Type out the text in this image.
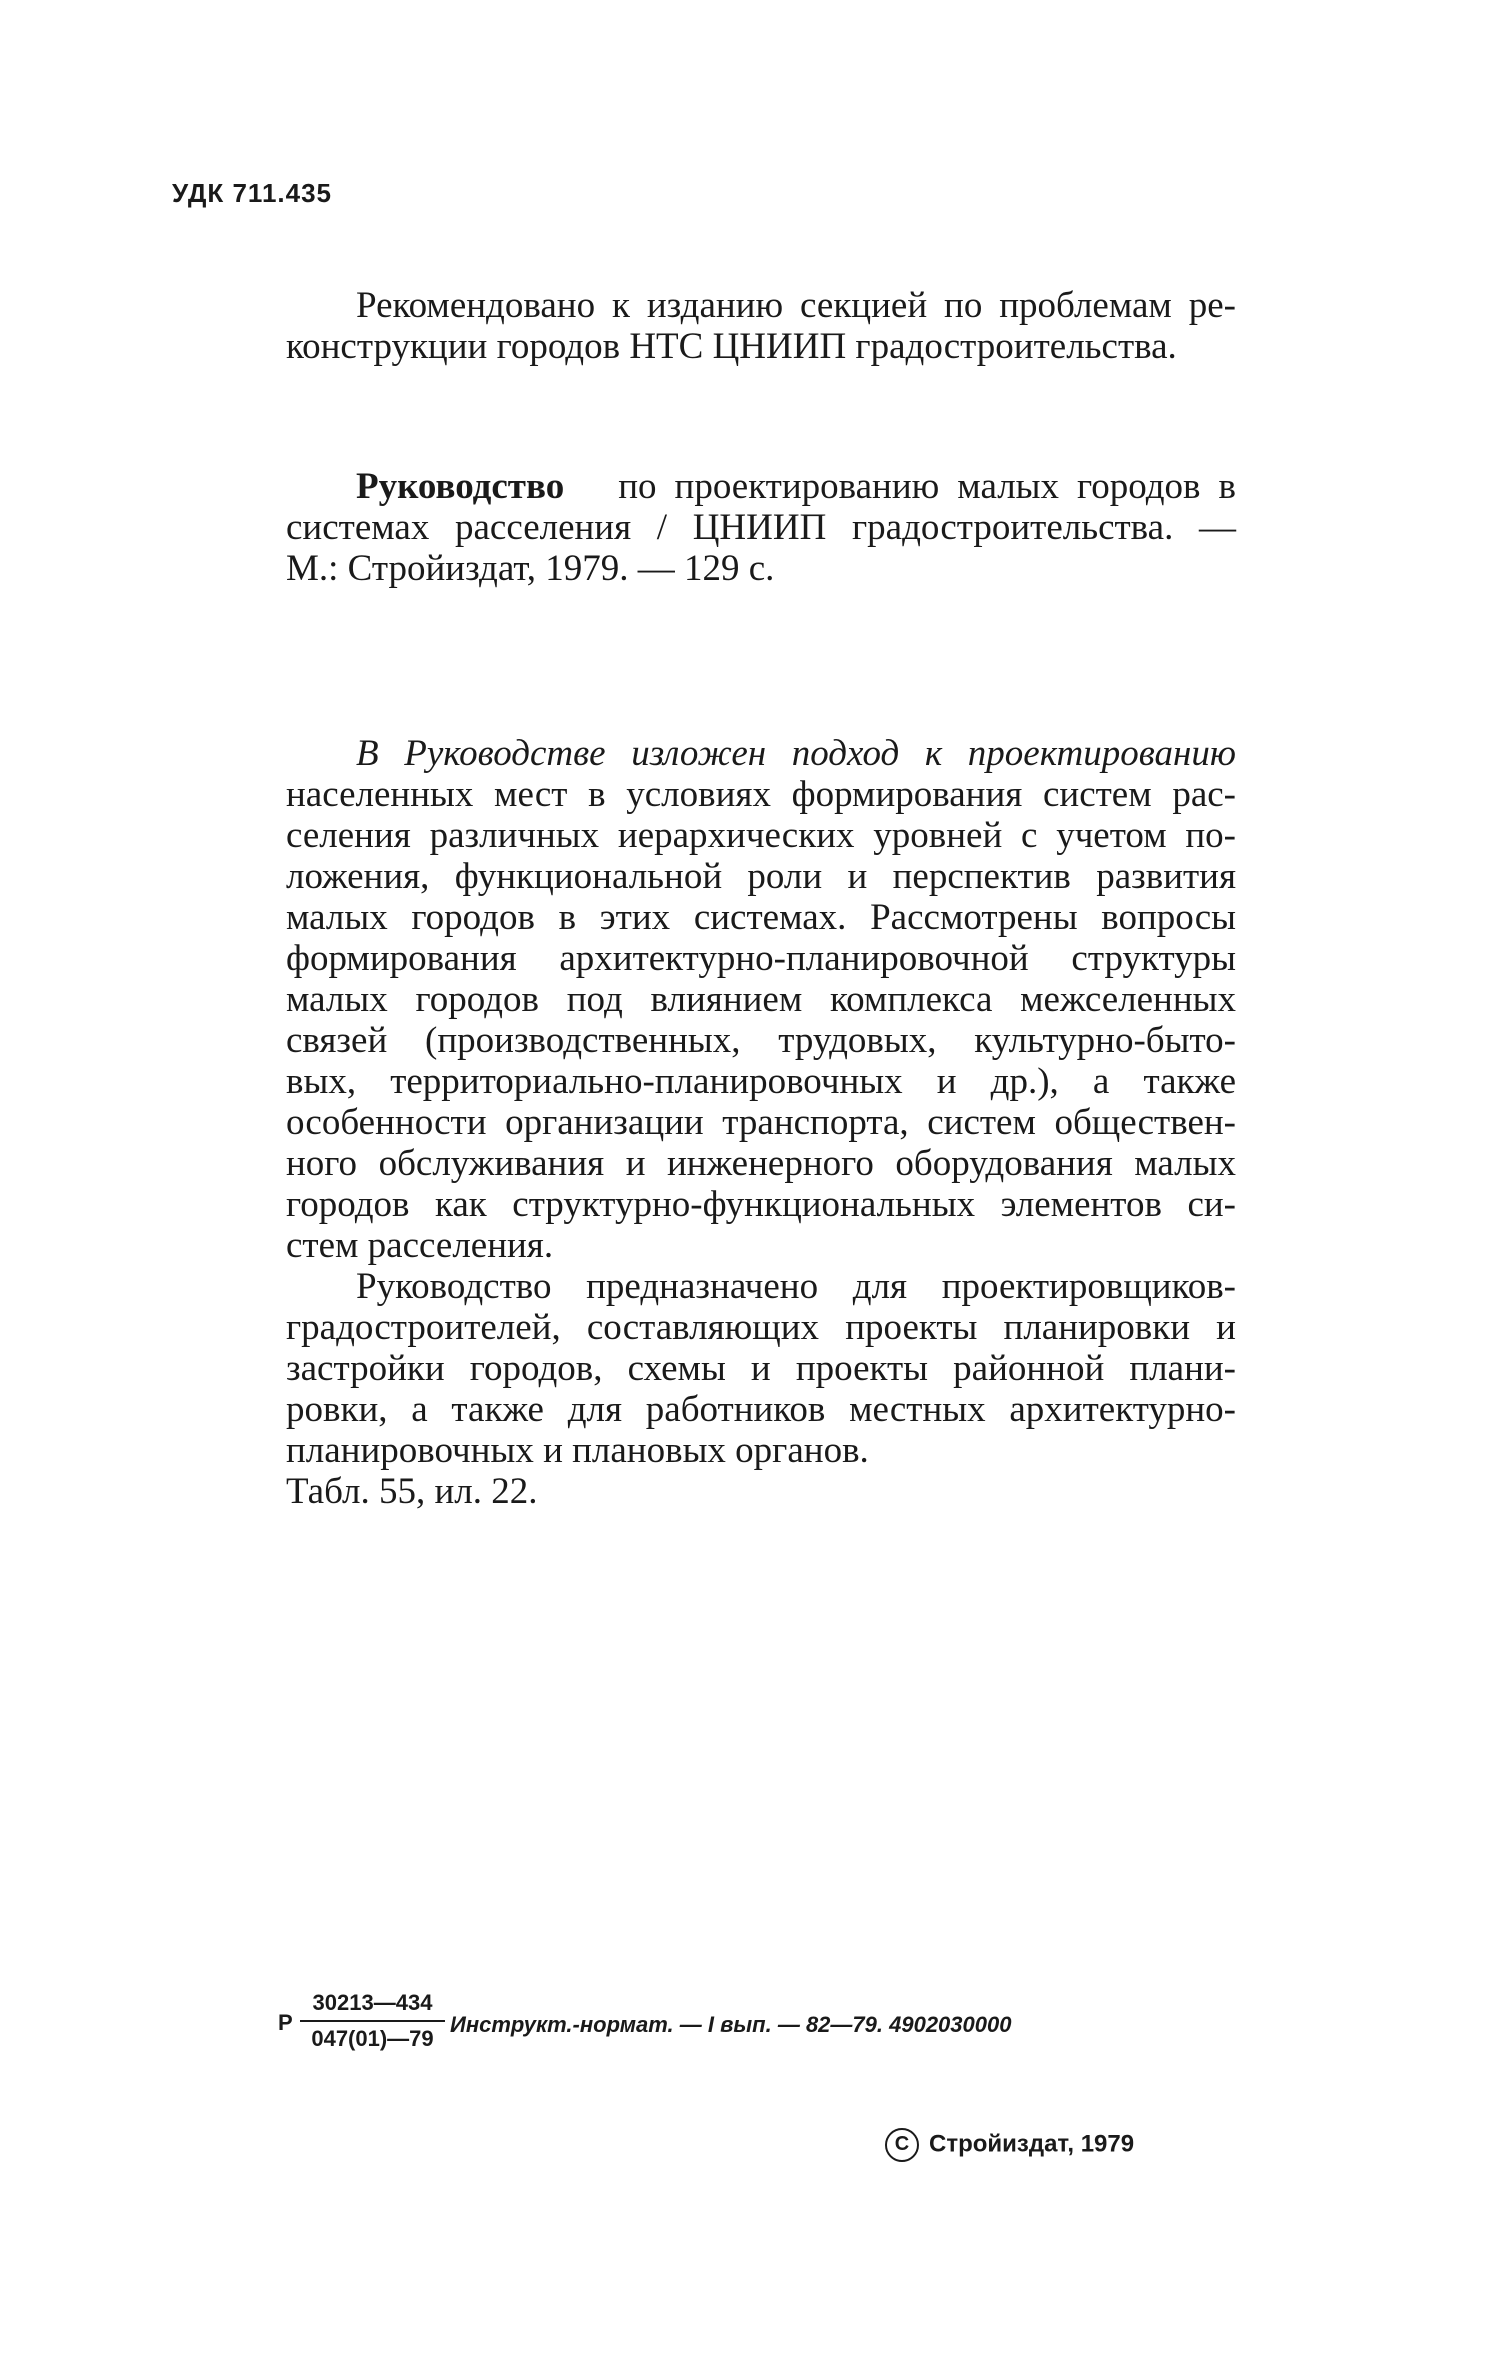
УДК 711.435
Рекомендовано к изданию секцией по проблемам ре-
конструкции городов НТС ЦНИИП градостроительства.
Руководство по проектированию малых городов в
системах расселения / ЦНИИП градостроительства. —
М.: Стройиздат, 1979. — 129 с.
В Руководстве изложен подход к проектированию
населенных мест в условиях формирования систем рас-
селения различных иерархических уровней с учетом по-
ложения, функциональной роли и перспектив развития
малых городов в этих системах. Рассмотрены вопросы
формирования архитектурно-планировочной структуры
малых городов под влиянием комплекса межселенных
связей (производственных, трудовых, культурно-быто-
вых, территориально-планировочных и др.), а также
особенности организации транспорта, систем обществен-
ного обслуживания и инженерного оборудования малых
городов как структурно-функциональных элементов си-
стем расселения.
Руководство предназначено для проектировщиков-
градостроителей, составляющих проекты планировки и
застройки городов, схемы и проекты районной плани-
ровки, а также для работников местных архитектурно-
планировочных и плановых органов.
Табл. 55, ил. 22.
Р $\frac{30213—434}{047(01)—79}$ Инструкт.-нормат. — I вып. — 82—79. 4902030000
С Стройиздат, 1979
